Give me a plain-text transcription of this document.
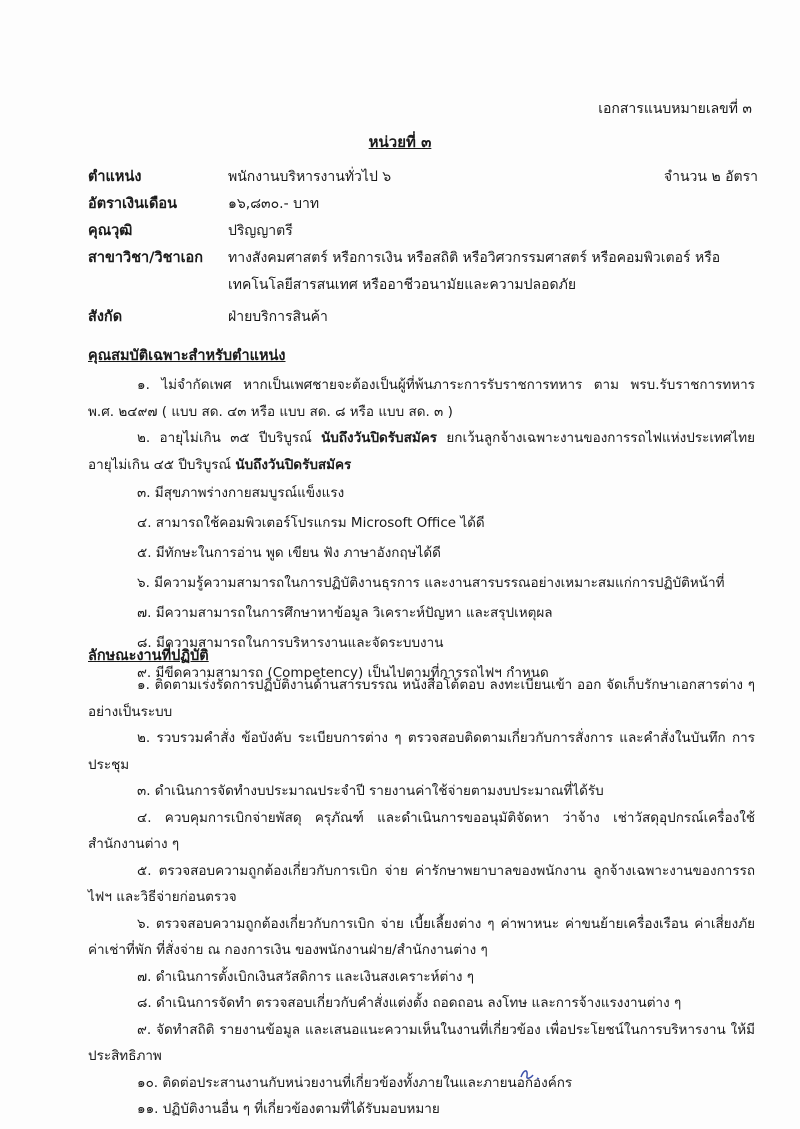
เอกสารแนบหมายเลขที่ ๓
หน่วยที่ ๓
ตำแหน่ง	พนักงานบริหารงานทั่วไป ๖	จำนวน ๒ อัตรา
อัตราเงินเดือน	๑๖,๘๓๐.- บาท
คุณวุฒิ	ปริญญาตรี
สาขาวิชา/วิชาเอก	ทางสังคมศาสตร์ หรือการเงิน หรือสถิติ หรือวิศวกรรมศาสตร์ หรือคอมพิวเตอร์ หรือเทคโนโลยีสารสนเทศ หรืออาชีวอนามัยและความปลอดภัย
สังกัด	ฝ่ายบริการสินค้า
คุณสมบัติเฉพาะสำหรับตำแหน่ง
๑. ไม่จำกัดเพศ หากเป็นเพศชายจะต้องเป็นผู้ที่พ้นภาระการรับราชการทหาร ตาม พรบ.รับราชการทหาร พ.ศ. ๒๔๙๗ ( แบบ สด. ๔๓ หรือ แบบ สด. ๘ หรือ แบบ สด. ๓ )
๒. อายุไม่เกิน ๓๕ ปีบริบูรณ์ นับถึงวันปิดรับสมัคร ยกเว้นลูกจ้างเฉพาะงานของการรถไฟแห่งประเทศไทย อายุไม่เกิน ๔๕ ปีบริบูรณ์ นับถึงวันปิดรับสมัคร
๓. มีสุขภาพร่างกายสมบูรณ์แข็งแรง
๔. สามารถใช้คอมพิวเตอร์โปรแกรม Microsoft Office ได้ดี
๕. มีทักษะในการอ่าน พูด เขียน ฟัง ภาษาอังกฤษได้ดี
๖. มีความรู้ความสามารถในการปฏิบัติงานธุรการ และงานสารบรรณอย่างเหมาะสมแก่การปฏิบัติหน้าที่
๗. มีความสามารถในการศึกษาหาข้อมูล วิเคราะห์ปัญหา และสรุปเหตุผล
๘. มีความสามารถในการบริหารงานและจัดระบบงาน
๙. มีขีดความสามารถ (Competency) เป็นไปตามที่การรถไฟฯ กำหนด
ลักษณะงานที่ปฏิบัติ
๑. ติดตามเร่งรัดการปฏิบัติงานด้านสารบรรณ หนังสือโต้ตอบ ลงทะเบียนเข้า ออก จัดเก็บรักษาเอกสารต่าง ๆ อย่างเป็นระบบ
๒. รวบรวมคำสั่ง ข้อบังคับ ระเบียบการต่าง ๆ ตรวจสอบติดตามเกี่ยวกับการสั่งการ และคำสั่งในบันทึก การประชุม
๓. ดำเนินการจัดทำงบประมาณประจำปี รายงานค่าใช้จ่ายตามงบประมาณที่ได้รับ
๔. ควบคุมการเบิกจ่ายพัสดุ ครุภัณฑ์ และดำเนินการขออนุมัติจัดหา ว่าจ้าง เช่าวัสดุอุปกรณ์เครื่องใช้สำนักงานต่าง ๆ
๕. ตรวจสอบความถูกต้องเกี่ยวกับการเบิก จ่าย ค่ารักษาพยาบาลของพนักงาน ลูกจ้างเฉพาะงานของการรถไฟฯ และวิธีจ่ายก่อนตรวจ
๖. ตรวจสอบความถูกต้องเกี่ยวกับการเบิก จ่าย เบี้ยเลี้ยงต่าง ๆ ค่าพาหนะ ค่าขนย้ายเครื่องเรือน ค่าเสี่ยงภัย ค่าเช่าที่พัก ที่สั่งจ่าย ณ กองการเงิน ของพนักงานฝ่าย/สำนักงานต่าง ๆ
๗. ดำเนินการตั้งเบิกเงินสวัสดิการ และเงินสงเคราะห์ต่าง ๆ
๘. ดำเนินการจัดทำ ตรวจสอบเกี่ยวกับคำสั่งแต่งตั้ง ถอดถอน ลงโทษ และการจ้างแรงงานต่าง ๆ
๙. จัดทำสถิติ รายงานข้อมูล และเสนอแนะความเห็นในงานที่เกี่ยวข้อง เพื่อประโยชน์ในการบริหารงาน ให้มีประสิทธิภาพ
๑๐. ติดต่อประสานงานกับหน่วยงานที่เกี่ยวข้องทั้งภายในและภายนอกองค์กร
๑๑. ปฏิบัติงานอื่น ๆ ที่เกี่ยวข้องตามที่ได้รับมอบหมาย
